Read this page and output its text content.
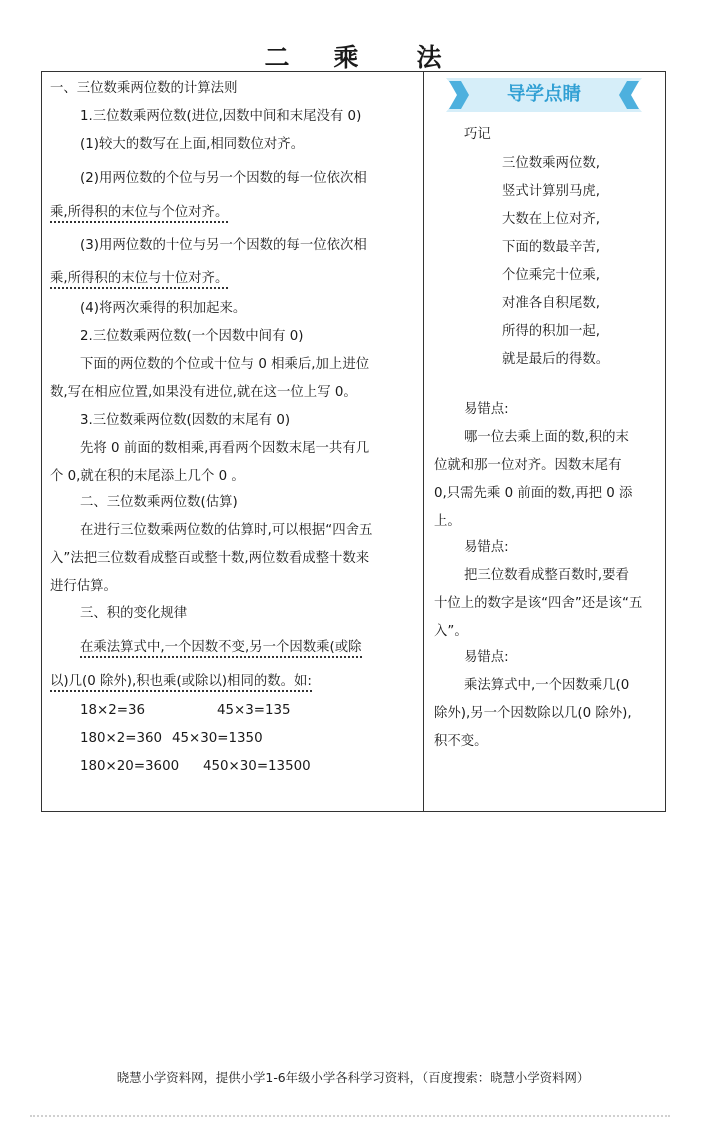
二 乘 法
一、三位数乘两位数的计算法则
1.三位数乘两位数(进位,因数中间和末尾没有 0)
(1)较大的数写在上面,相同数位对齐。
(2)用两位数的个位与另一个因数的每一位依次相
乘,所得积的末位与个位对齐。
(3)用两位数的十位与另一个因数的每一位依次相
乘,所得积的末位与十位对齐。
(4)将两次乘得的积加起来。
2.三位数乘两位数(一个因数中间有 0)
下面的两位数的个位或十位与 0 相乘后,加上进位
数,写在相应位置,如果没有进位,就在这一位上写 0。
3.三位数乘两位数(因数的末尾有 0)
先将 0 前面的数相乘,再看两个因数末尾一共有几
个 0,就在积的末尾添上几个 0 。
二、三位数乘两位数(估算)
在进行三位数乘两位数的估算时,可以根据“四舍五
入”法把三位数看成整百或整十数,两位数看成整十数来
进行估算。
三、积的变化规律
在乘法算式中,一个因数不变,另一个因数乘(或除
以)几(0 除外),积也乘(或除以)相同的数。如:
18×2=36	45×3=135
180×2=360 45×30=1350
180×20=3600 450×30=13500
导学点睛
巧记
三位数乘两位数,
竖式计算别马虎,
大数在上位对齐,
下面的数最辛苦,
个位乘完十位乘,
对准各自积尾数,
所得的积加一起,
就是最后的得数。
易错点:
哪一位去乘上面的数,积的末
位就和那一位对齐。因数末尾有
0,只需先乘 0 前面的数,再把 0 添
上。
易错点:
把三位数看成整百数时,要看
十位上的数字是该“四舍”还是该“五
入”。
易错点:
乘法算式中,一个因数乘几(0
除外),另一个因数除以几(0 除外),
积不变。
晓慧小学资料网，提供小学1-6年级小学各科学习资料，（百度搜索：晓慧小学资料网）
